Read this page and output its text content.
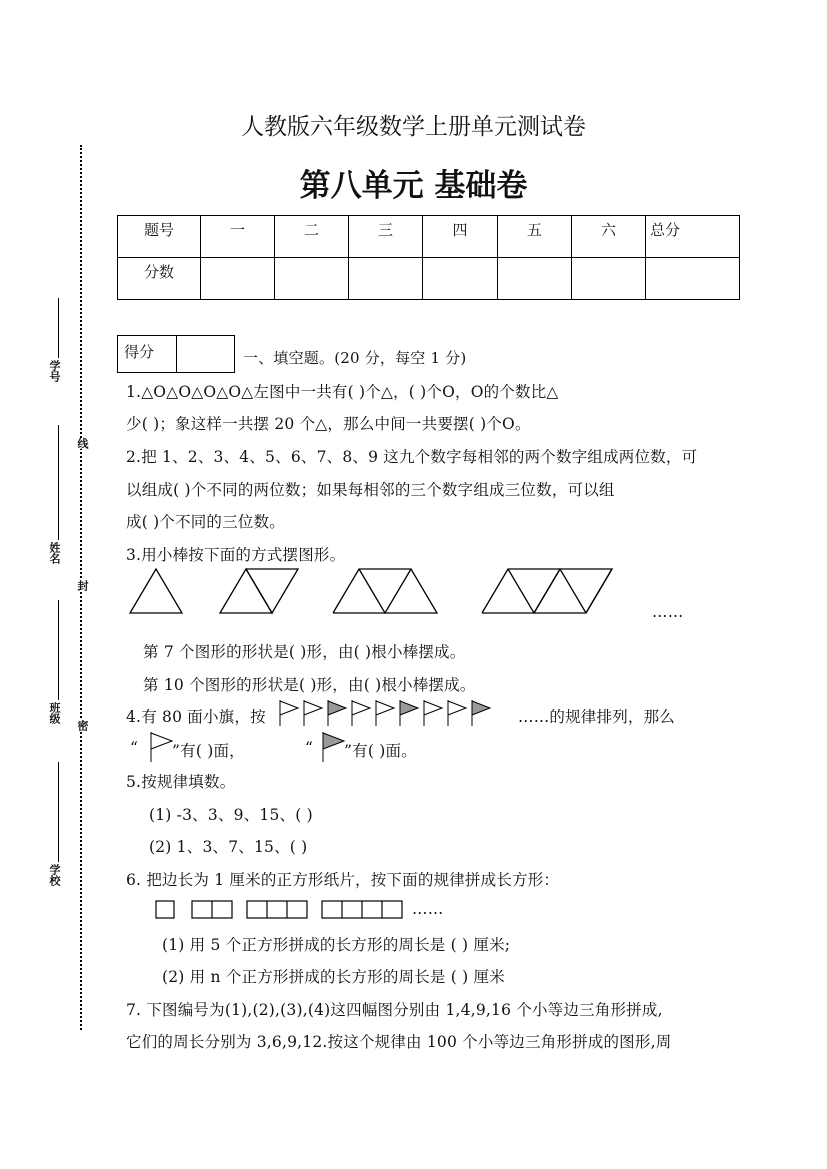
学号
姓名
班级
学校
线
封
密
人教版六年级数学上册单元测试卷
第八单元 基础卷
题号	一	二	三	四	五	六	总分
分数							
得分	一、填空题。(20 分，每空 1 分)
1.△O△O△O△O△左图中一共有( )个△，( )个O，O的个数比△
少( )；象这样一共摆 20 个△，那么中间一共要摆( )个O。
2.把 1、2、3、4、5、6、7、8、9 这九个数字每相邻的两个数字组成两位数，可
以组成( )个不同的两位数；如果每相邻的三个数字组成三位数，可以组
成( )个不同的三位数。
3.用小棒按下面的方式摆图形。
……
第 7 个图形的形状是( )形，由( )根小棒摆成。
第 10 个图形的形状是( )形，由( )根小棒摆成。
4.有 80 面小旗，按	……的规律排列，那么
“ ”有( )面，	“ ”有( )面。
5.按规律填数。
(1) -3、3、9、15、( )
(2) 1、3、7、15、( )
6. 把边长为 1 厘米的正方形纸片，按下面的规律拼成长方形：
……
(1) 用 5 个正方形拼成的长方形的周长是 ( ) 厘米;
(2) 用 n 个正方形拼成的长方形的周长是 ( ) 厘米
7. 下图编号为(1),(2),(3),(4)这四幅图分别由 1,4,9,16 个小等边三角形拼成,
它们的周长分别为 3,6,9,12.按这个规律由 100 个小等边三角形拼成的图形,周
